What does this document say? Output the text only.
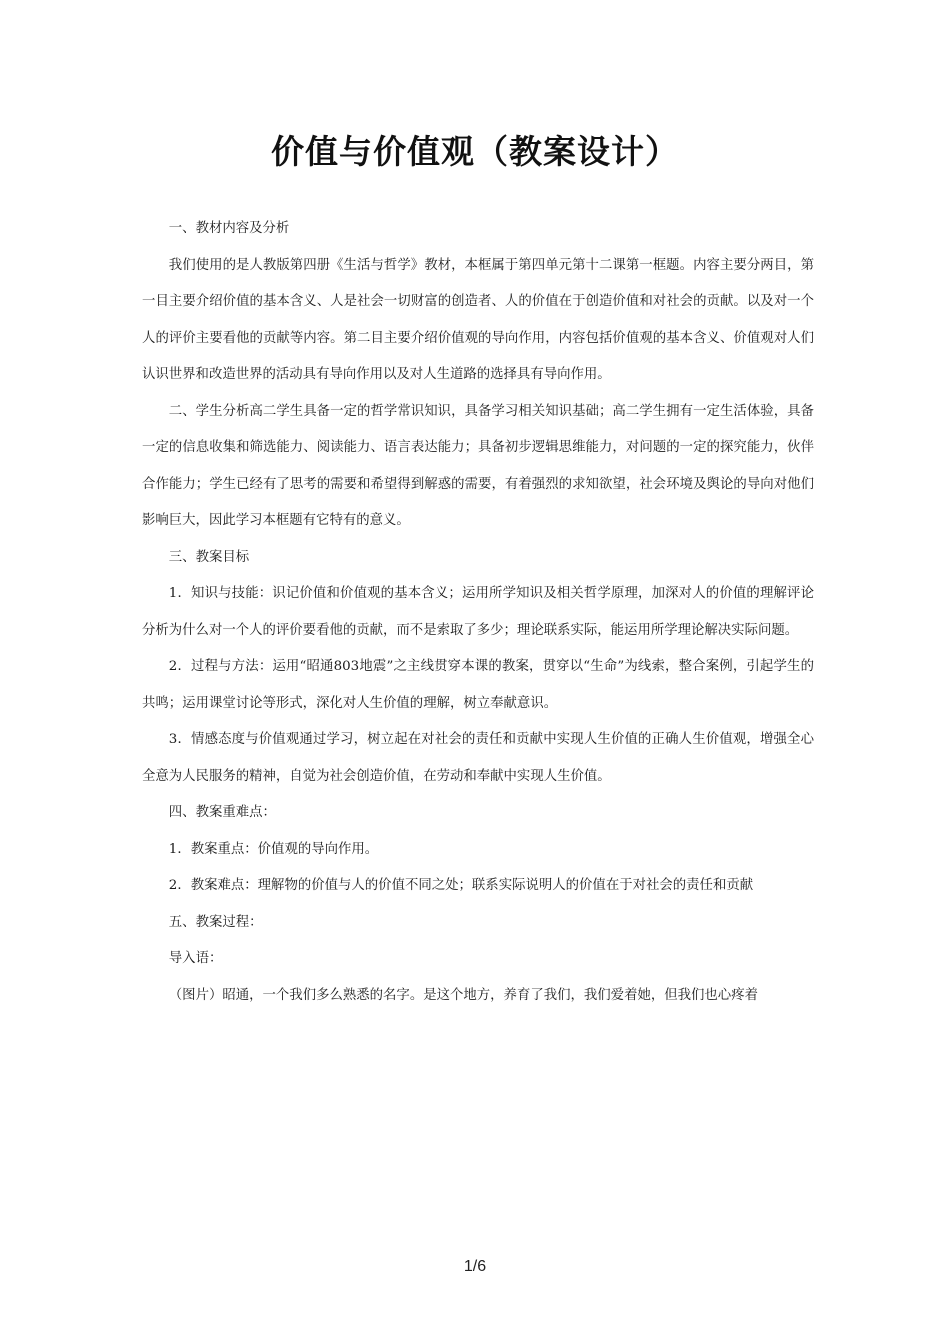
价值与价值观（教案设计）

一、教材内容及分析

我们使用的是人教版第四册《生活与哲学》教材，本框属于第四单元第十二课第一框题。内容主要分两目，第一目主要介绍价值的基本含义、人是社会一切财富的创造者、人的价值在于创造价值和对社会的贡献。以及对一个人的评价主要看他的贡献等内容。第二目主要介绍价值观的导向作用，内容包括价值观的基本含义、价值观对人们认识世界和改造世界的活动具有导向作用以及对人生道路的选择具有导向作用。

二、学生分析高二学生具备一定的哲学常识知识，具备学习相关知识基础；高二学生拥有一定生活体验，具备一定的信息收集和筛选能力、阅读能力、语言表达能力；具备初步逻辑思维能力，对问题的一定的探究能力，伙伴合作能力；学生已经有了思考的需要和希望得到解惑的需要，有着强烈的求知欲望，社会环境及舆论的导向对他们影响巨大，因此学习本框题有它特有的意义。

三、教案目标

1．知识与技能：识记价值和价值观的基本含义；运用所学知识及相关哲学原理，加深对人的价值的理解评论分析为什么对一个人的评价要看他的贡献，而不是索取了多少；理论联系实际，能运用所学理论解决实际问题。

2．过程与方法：运用“昭通803地震”之主线贯穿本课的教案，贯穿以“生命”为线索，整合案例，引起学生的共鸣；运用课堂讨论等形式，深化对人生价值的理解，树立奉献意识。

3．情感态度与价值观通过学习，树立起在对社会的责任和贡献中实现人生价值的正确人生价值观，增强全心全意为人民服务的精神，自觉为社会创造价值，在劳动和奉献中实现人生价值。

四、教案重难点：

1．教案重点：价值观的导向作用。

2．教案难点：理解物的价值与人的价值不同之处；联系实际说明人的价值在于对社会的责任和贡献

五、教案过程：

导入语：

（图片）昭通，一个我们多么熟悉的名字。是这个地方，养育了我们，我们爱着她，但我们也心疼着

1/6
